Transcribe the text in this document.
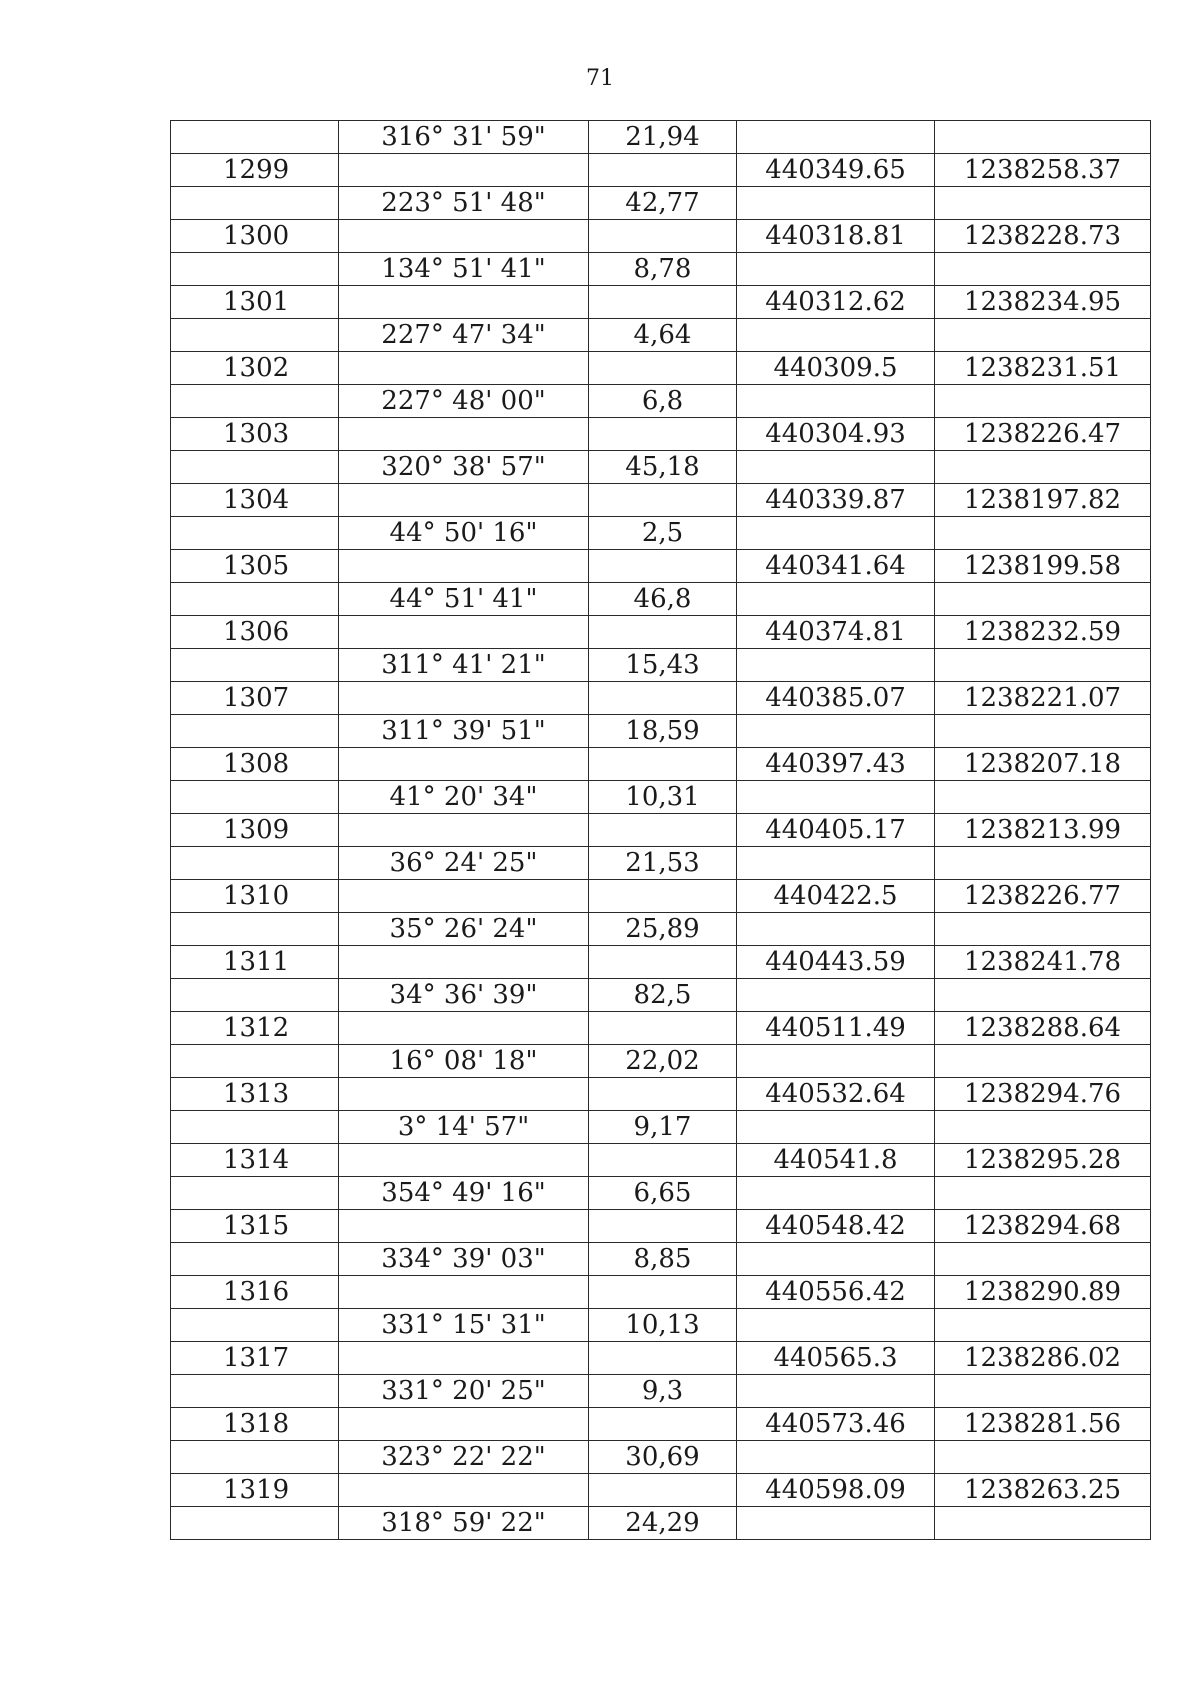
71
	316° 31' 59"	21,94		
1299			440349.65	1238258.37
	223° 51' 48"	42,77		
1300			440318.81	1238228.73
	134° 51' 41"	8,78		
1301			440312.62	1238234.95
	227° 47' 34"	4,64		
1302			440309.5	1238231.51
	227° 48' 00"	6,8		
1303			440304.93	1238226.47
	320° 38' 57"	45,18		
1304			440339.87	1238197.82
	44° 50' 16"	2,5		
1305			440341.64	1238199.58
	44° 51' 41"	46,8		
1306			440374.81	1238232.59
	311° 41' 21"	15,43		
1307			440385.07	1238221.07
	311° 39' 51"	18,59		
1308			440397.43	1238207.18
	41° 20' 34"	10,31		
1309			440405.17	1238213.99
	36° 24' 25"	21,53		
1310			440422.5	1238226.77
	35° 26' 24"	25,89		
1311			440443.59	1238241.78
	34° 36' 39"	82,5		
1312			440511.49	1238288.64
	16° 08' 18"	22,02		
1313			440532.64	1238294.76
	3° 14' 57"	9,17		
1314			440541.8	1238295.28
	354° 49' 16"	6,65		
1315			440548.42	1238294.68
	334° 39' 03"	8,85		
1316			440556.42	1238290.89
	331° 15' 31"	10,13		
1317			440565.3	1238286.02
	331° 20' 25"	9,3		
1318			440573.46	1238281.56
	323° 22' 22"	30,69		
1319			440598.09	1238263.25
	318° 59' 22"	24,29		
